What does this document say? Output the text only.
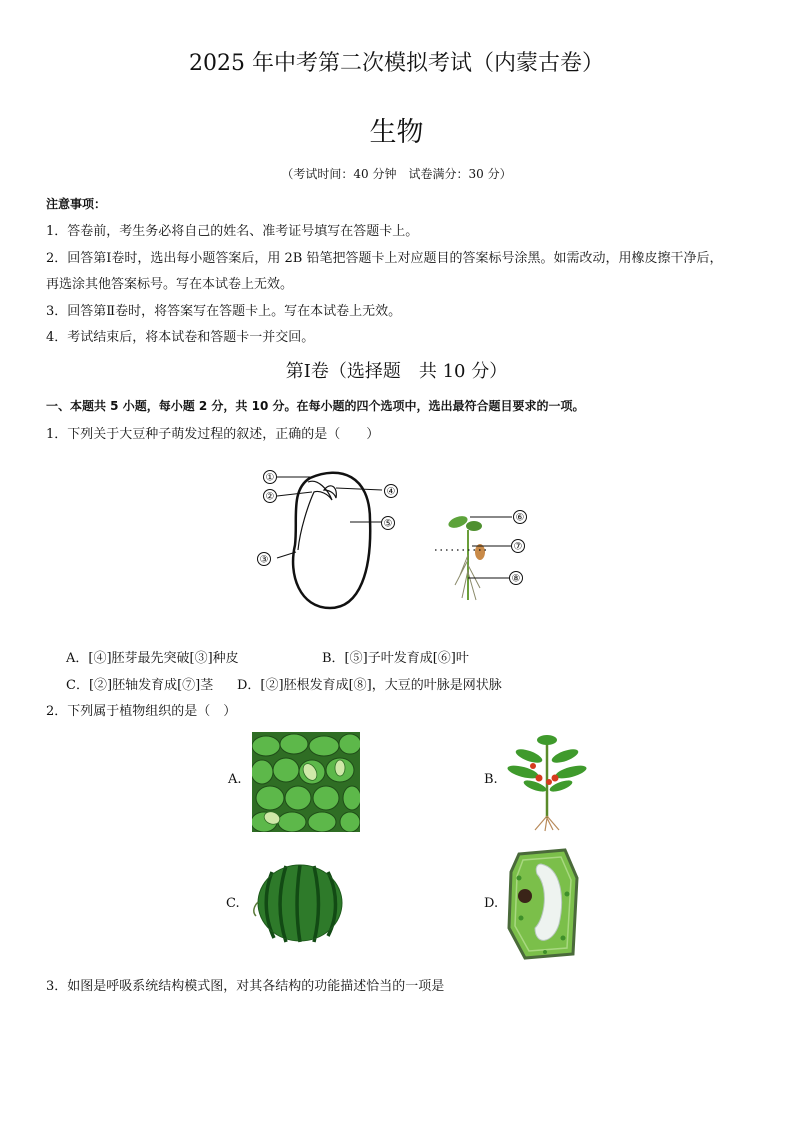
2025 年中考第二次模拟考试（内蒙古卷）
生物
（考试时间：40 分钟　试卷满分：30 分）
注意事项：
1．答卷前，考生务必将自己的姓名、准考证号填写在答题卡上。
2．回答第Ⅰ卷时，选出每小题答案后，用 2B 铅笔把答题卡上对应题目的答案标号涂黑。如需改动，用橡皮擦干净后，
再选涂其他答案标号。写在本试卷上无效。
3．回答第Ⅱ卷时，将答案写在答题卡上。写在本试卷上无效。
4．考试结束后，将本试卷和答题卡一并交回。
第Ⅰ卷（选择题　共 10 分）
一、本题共 5 小题，每小题 2 分，共 10 分。在每小题的四个选项中，选出最符合题目要求的一项。
1．下列关于大豆种子萌发过程的叙述，正确的是（　　）
①
②
③
④
⑤
⑥
⑦
⑧
A．[④]胚芽最先突破[③]种皮	B．[⑤]子叶发育成[⑥]叶
C．[②]胚轴发育成[⑦]茎 D．[②]胚根发育成[⑧]，大豆的叶脉是网状脉
2．下列属于植物组织的是（　）
A.	B.
C.	D.
3．如图是呼吸系统结构模式图，对其各结构的功能描述恰当的一项是
